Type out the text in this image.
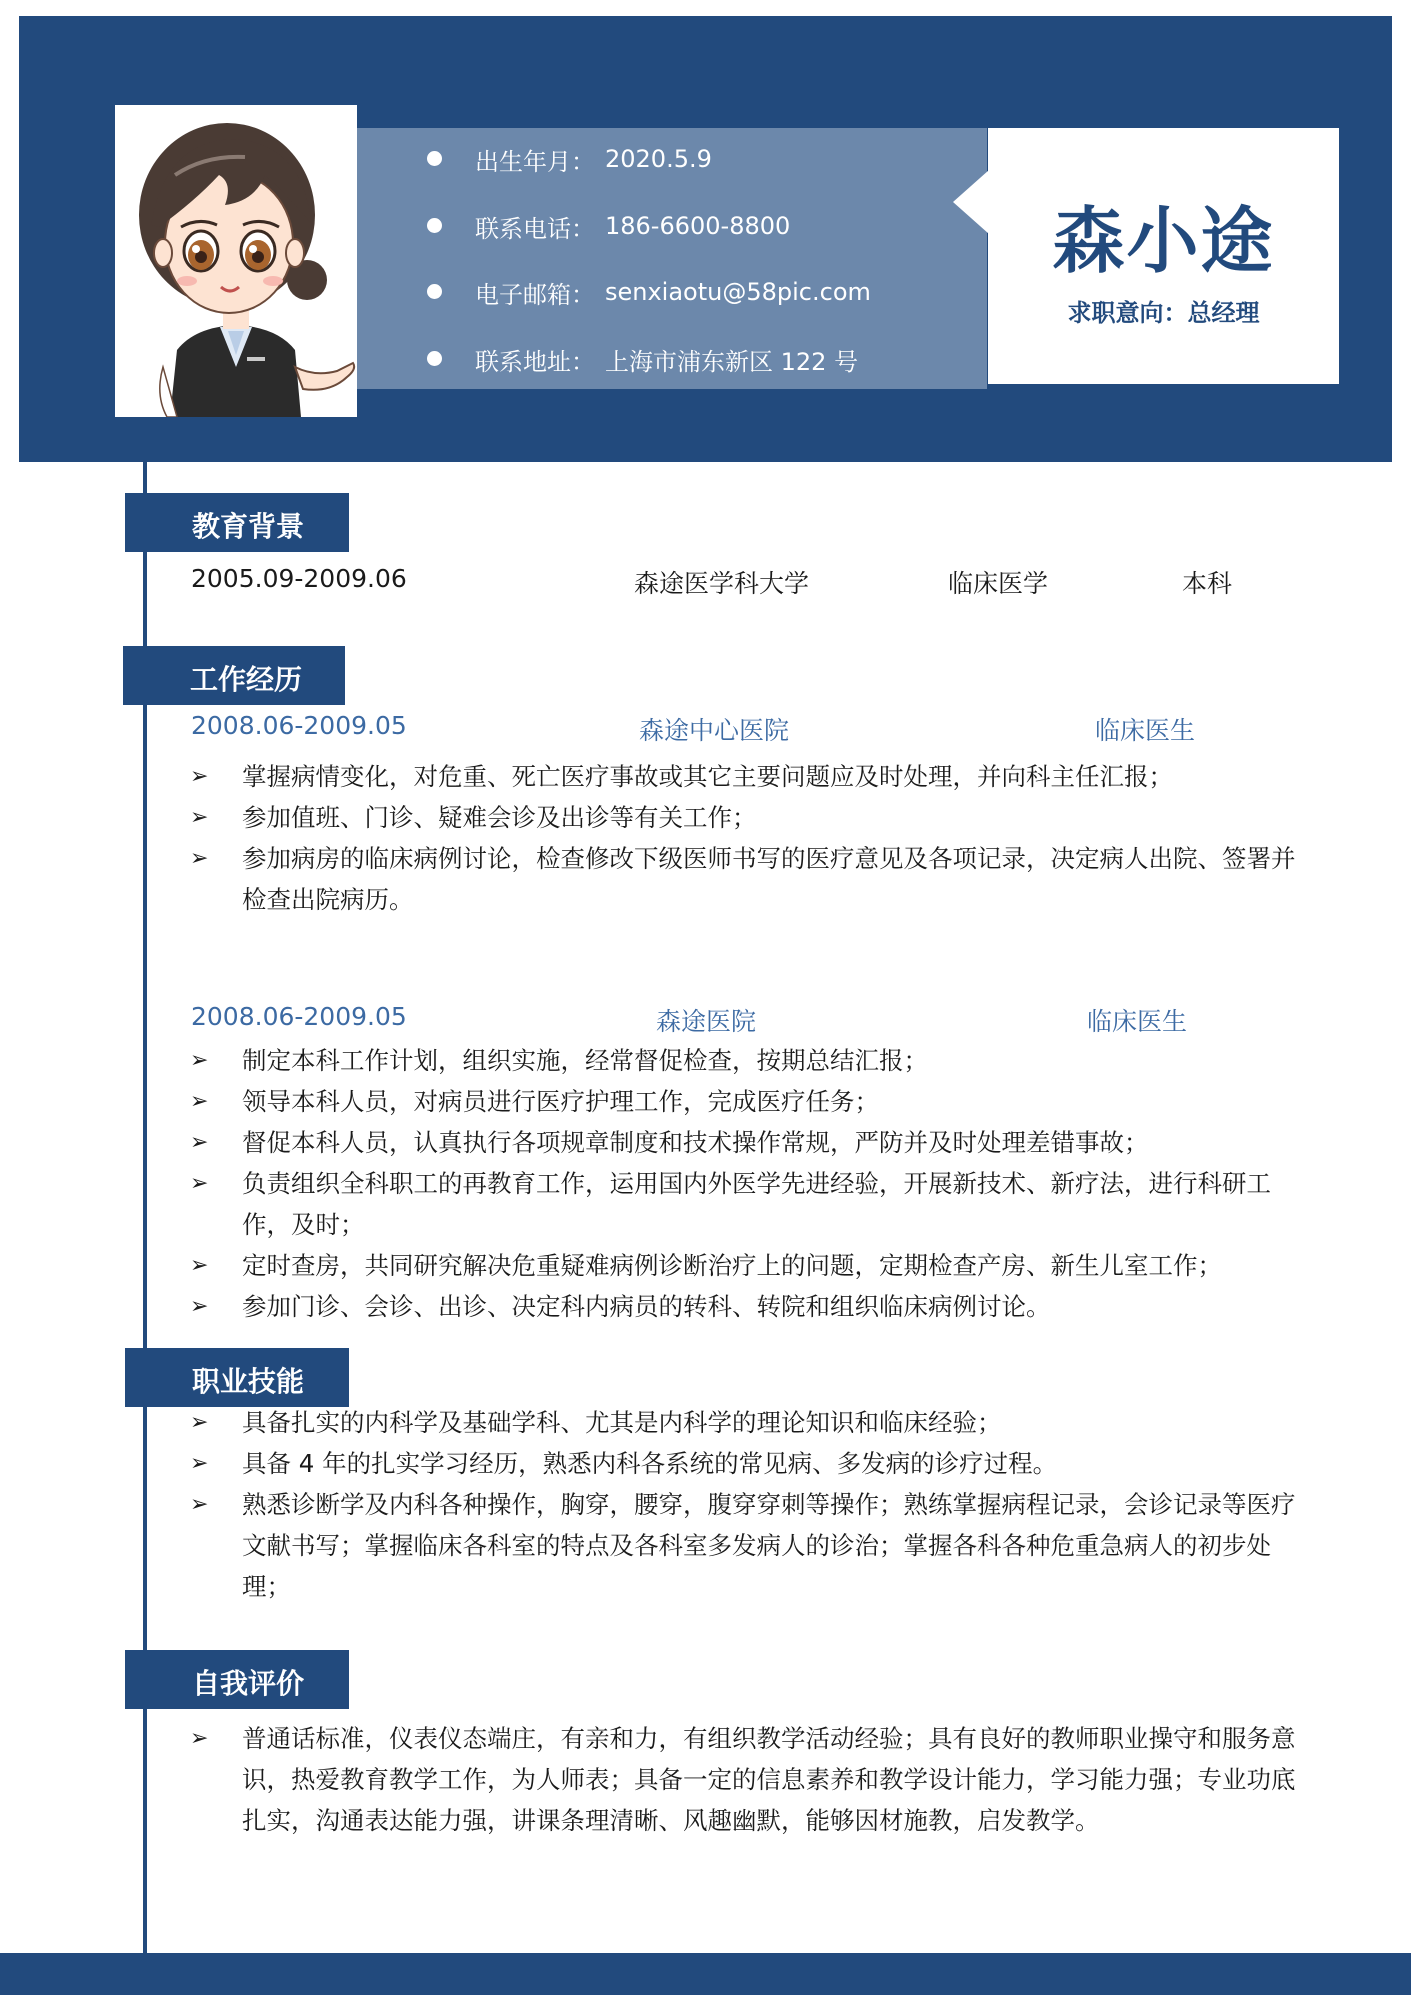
出生年月： 2020.5.9
联系电话： 186-6600-8800
电子邮箱： senxiaotu@58pic.com
联系地址： 上海市浦东新区 122 号
森小途
求职意向：总经理
教育背景
2005.09-2009.06	森途医学科大学	临床医学	本科
工作经历
2008.06-2009.05	森途中心医院	临床医生
➢ 掌握病情变化，对危重、死亡医疗事故或其它主要问题应及时处理，并向科主任汇报；
➢ 参加值班、门诊、疑难会诊及出诊等有关工作；
➢ 参加病房的临床病例讨论，检查修改下级医师书写的医疗意见及各项记录，决定病人出院、签署并检查出院病历。
2008.06-2009.05	森途医院	临床医生
➢ 制定本科工作计划，组织实施，经常督促检查，按期总结汇报；
➢ 领导本科人员，对病员进行医疗护理工作，完成医疗任务；
➢ 督促本科人员，认真执行各项规章制度和技术操作常规，严防并及时处理差错事故；
➢ 负责组织全科职工的再教育工作，运用国内外医学先进经验，开展新技术、新疗法，进行科研工作，及时；
➢ 定时查房，共同研究解决危重疑难病例诊断治疗上的问题，定期检查产房、新生儿室工作；
➢ 参加门诊、会诊、出诊、决定科内病员的转科、转院和组织临床病例讨论。
职业技能
➢ 具备扎实的内科学及基础学科、尤其是内科学的理论知识和临床经验；
➢ 具备 4 年的扎实学习经历，熟悉内科各系统的常见病、多发病的诊疗过程。
➢ 熟悉诊断学及内科各种操作，胸穿，腰穿，腹穿穿刺等操作；熟练掌握病程记录，会诊记录等医疗文献书写；掌握临床各科室的特点及各科室多发病人的诊治；掌握各科各种危重急病人的初步处理；
自我评价
➢ 普通话标准，仪表仪态端庄，有亲和力，有组织教学活动经验；具有良好的教师职业操守和服务意识，热爱教育教学工作，为人师表；具备一定的信息素养和教学设计能力，学习能力强；专业功底扎实，沟通表达能力强，讲课条理清晰、风趣幽默，能够因材施教，启发教学。
